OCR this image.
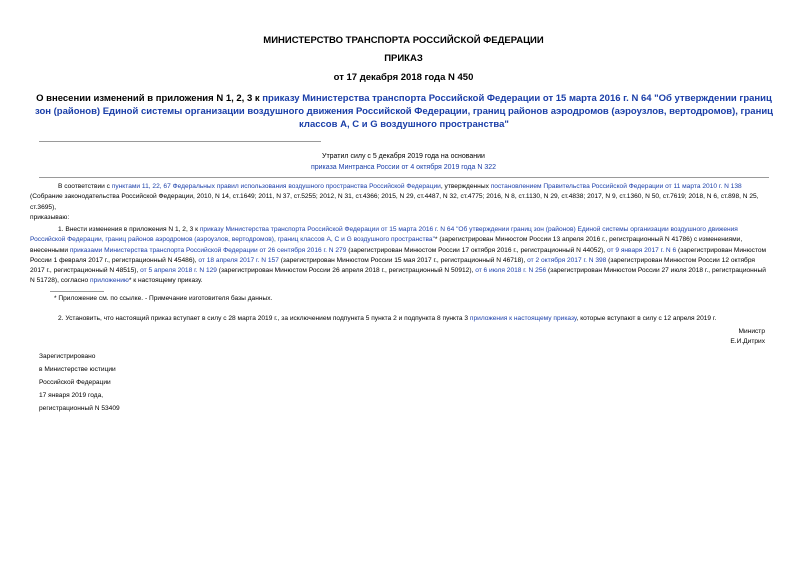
МИНИСТЕРСТВО ТРАНСПОРТА РОССИЙСКОЙ ФЕДЕРАЦИИ
ПРИКАЗ
от 17 декабря 2018 года N 450
О внесении изменений в приложения N 1, 2, 3 к приказу Министерства транспорта Российской Федерации от 15 марта 2016 г. N 64 "Об утверждении границ зон (районов) Единой системы организации воздушного движения Российской Федерации, границ районов аэродромов (аэроузлов, вертодромов), границ классов А, С и G воздушного пространства"
Утратил силу с 5 декабря 2019 года на основании
приказа Минтранса России от 4 октября 2019 года N 322

В соответствии с пунктами 11, 22, 67 Федеральных правил использования воздушного пространства Российской Федерации, утвержденных постановлением Правительства Российской Федерации от 11 марта 2010 г. N 138 (Собрание законодательства Российской Федерации, 2010, N 14, ст.1649; 2011, N 37, ст.5255; 2012, N 31, ст.4366; 2015, N 29, ст.4487, N 32, ст.4775; 2016, N 8, ст.1130, N 29, ст.4838; 2017, N 9, ст.1360, N 50, ст.7619; 2018, N 6, ст.898, N 25, ст.3695),

приказываю:

1. Внести изменения в приложения N 1, 2, 3 к приказу Министерства транспорта Российской Федерации от 15 марта 2016 г. N 64 "Об утверждении границ зон (районов) Единой системы организации воздушного движения Российской Федерации, границ районов аэродромов (аэроузлов, вертодромов), границ классов А, С и G воздушного пространства"* (зарегистрирован Минюстом России 13 апреля 2016 г., регистрационный N 41786) с изменениями, внесенными приказами Министерства транспорта Российской Федерации от 26 сентября 2016 г. N 279 (зарегистрирован Минюстом России 17 октября 2016 г., регистрационный N 44052), от 9 января 2017 г. N 6 (зарегистрирован Минюстом России 1 февраля 2017 г., регистрационный N 45486), от 18 апреля 2017 г. N 157 (зарегистрирован Минюстом России 15 мая 2017 г., регистрационный N 46718), от 2 октября 2017 г. N 398 (зарегистрирован Минюстом России 12 октября 2017 г., регистрационный N 48515), от 5 апреля 2018 г. N 129 (зарегистрирован Минюстом России 26 апреля 2018 г., регистрационный N 50912), от 6 июля 2018 г. N 256 (зарегистрирован Минюстом России 27 июля 2018 г., регистрационный N 51728), согласно приложению* к настоящему приказу.

* Приложение см. по ссылке. - Примечание изготовителя базы данных.

2. Установить, что настоящий приказ вступает в силу с 28 марта 2019 г., за исключением подпункта 5 пункта 2 и подпункта 8 пункта 3 приложения к настоящему приказу, которые вступают в силу с 12 апреля 2019 г.

Министр
Е.И.Дитрих
Зарегистрировано
в Министерстве юстиции
Российской Федерации
17 января 2019 года,
регистрационный N 53409
